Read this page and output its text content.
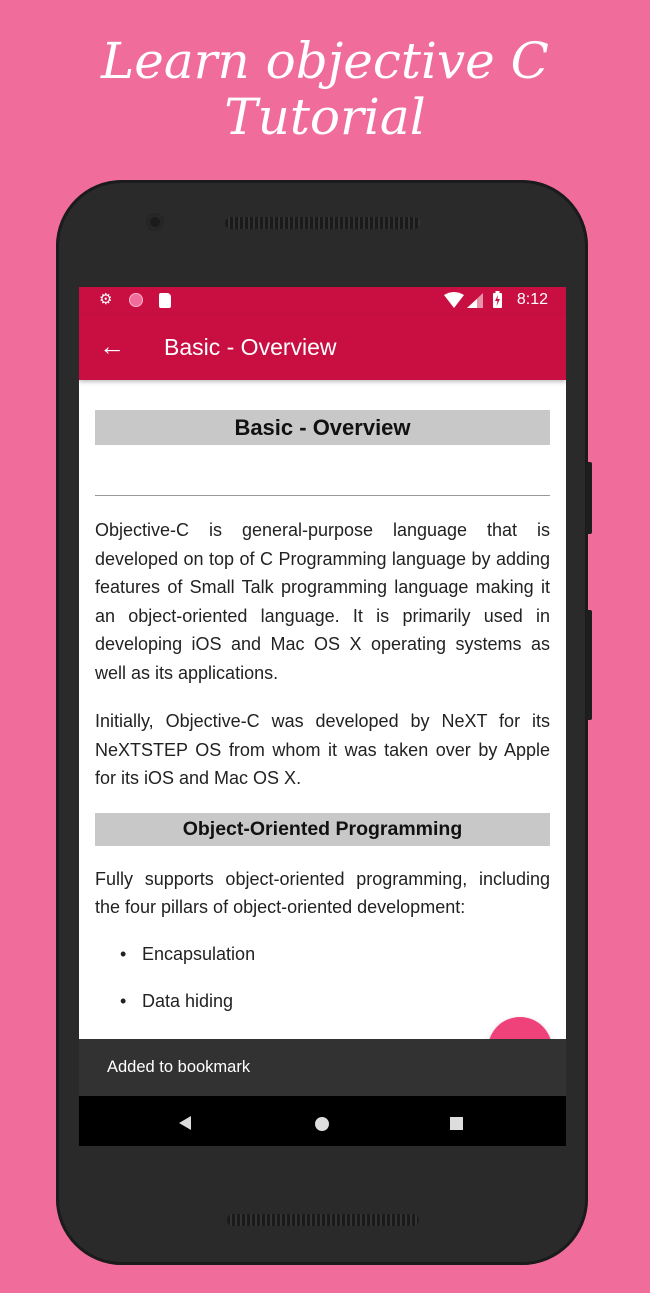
Learn objective C
Tutorial
⚙	8:12
← Basic - Overview
Basic - Overview

Objective-C is general-purpose language that is developed on top of C Programming language by adding features of Small Talk programming language making it an object-oriented language. It is primarily used in developing iOS and Mac OS X operating systems as well as its applications.

Initially, Objective-C was developed by NeXT for its NeXTSTEP OS from whom it was taken over by Apple for its iOS and Mac OS X.

Object-Oriented Programming

Fully supports object-oriented programming, including the four pillars of object-oriented development:

• Encapsulation
• Data hiding
Added to bookmark
